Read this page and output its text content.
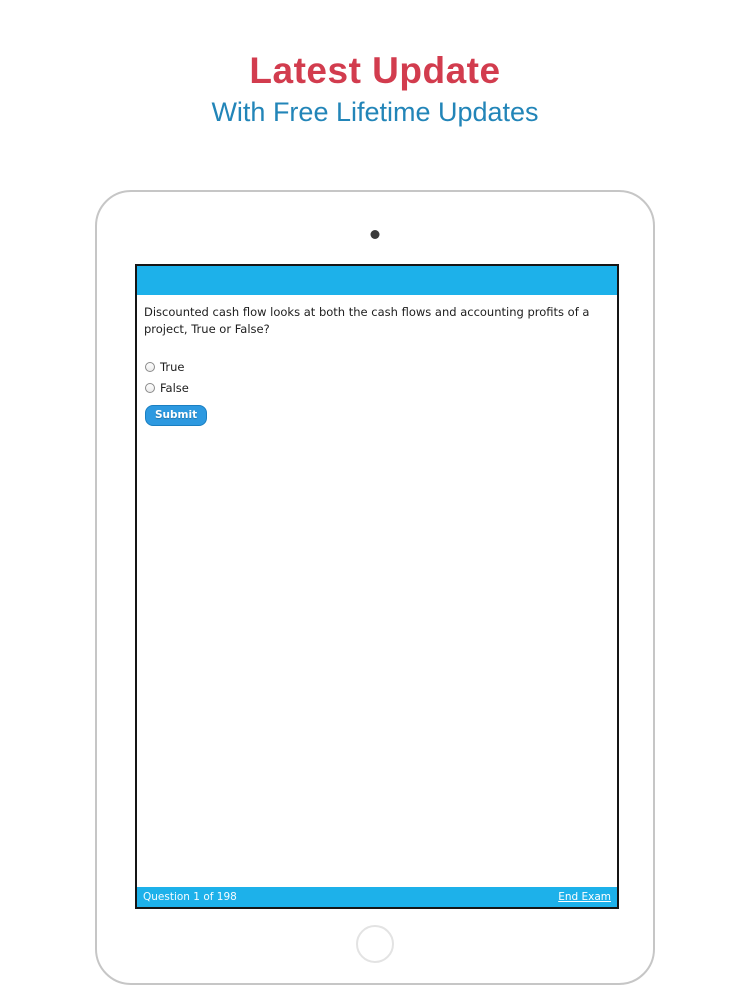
Latest Update
With Free Lifetime Updates
Discounted cash flow looks at both the cash flows and accounting profits of a project, True or False?
True
False
Submit
Question 1 of 198	End Exam
